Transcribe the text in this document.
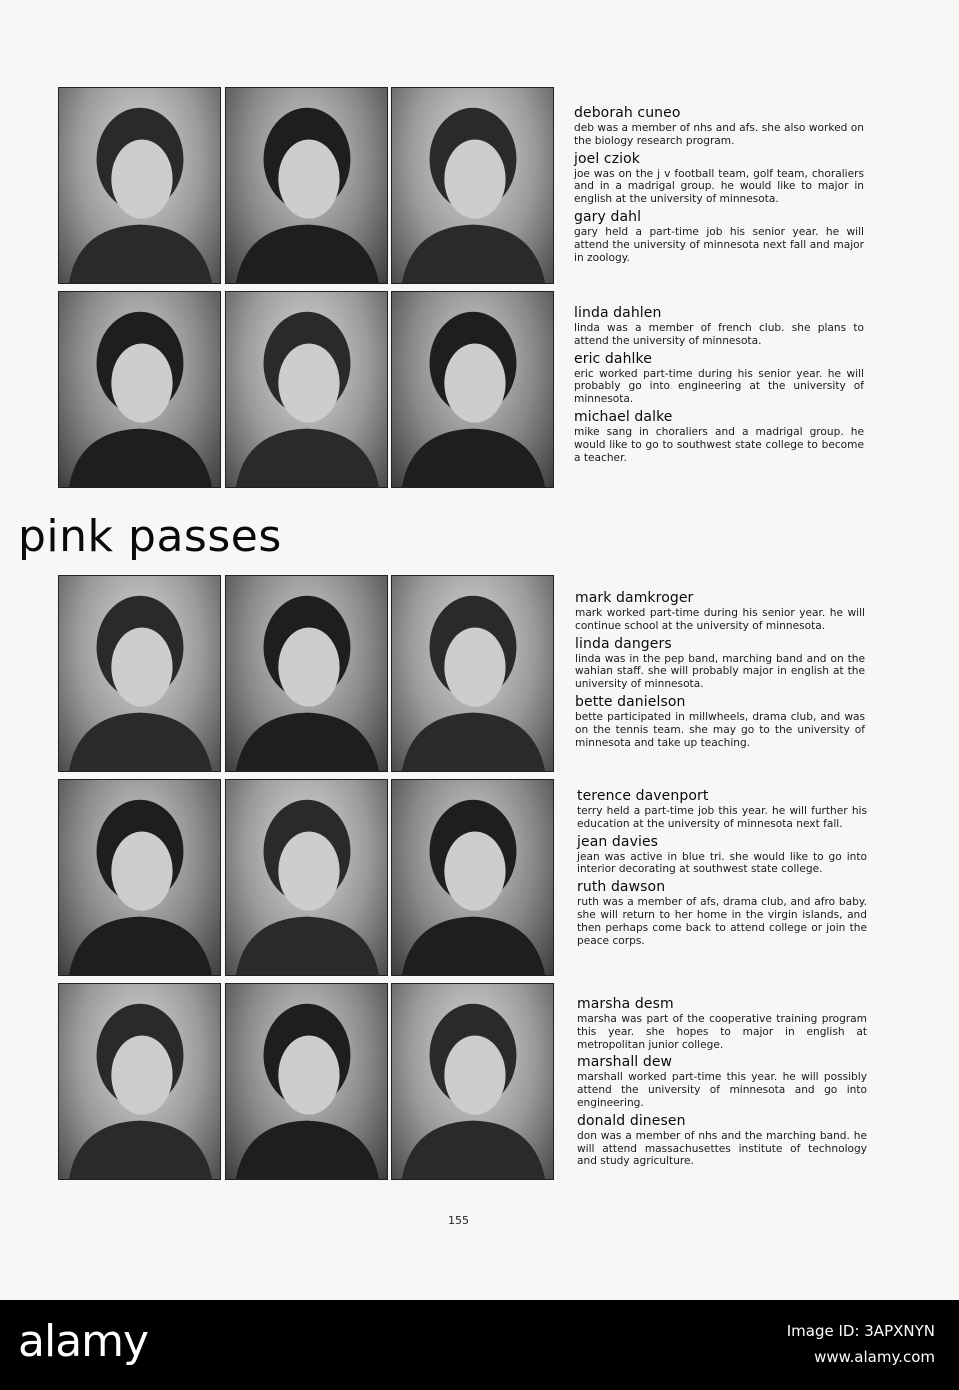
deborah cuneo
deb was a member of nhs and afs. she also worked on the biology research program.
joel cziok
joe was on the j v football team, golf team, choraliers and in a madrigal group. he would like to major in english at the university of minnesota.
gary dahl
gary held a part-time job his senior year. he will attend the university of minnesota next fall and major in zoology.
linda dahlen
linda was a member of french club. she plans to attend the university of minnesota.
eric dahlke
eric worked part-time during his senior year. he will probably go into engineering at the university of minnesota.
michael dalke
mike sang in choraliers and a madrigal group. he would like to go to southwest state college to become a teacher.
pink passes
mark damkroger
mark worked part-time during his senior year. he will continue school at the university of minnesota.
linda dangers
linda was in the pep band, marching band and on the wahian staff. she will probably major in english at the university of minnesota.
bette danielson
bette participated in millwheels, drama club, and was on the tennis team. she may go to the university of minnesota and take up teaching.
terence davenport
terry held a part-time job this year. he will further his education at the university of minnesota next fall.
jean davies
jean was active in blue tri. she would like to go into interior decorating at southwest state college.
ruth dawson
ruth was a member of afs, drama club, and afro baby. she will return to her home in the virgin islands, and then perhaps come back to attend college or join the peace corps.
marsha desm
marsha was part of the cooperative training program this year. she hopes to major in english at metropolitan junior college.
marshall dew
marshall worked part-time this year. he will possibly attend the university of minnesota and go into engineering.
donald dinesen
don was a member of nhs and the marching band. he will attend massachusettes institute of technology and study agriculture.
155
alamy	Image ID: 3APXNYN
www.alamy.com
